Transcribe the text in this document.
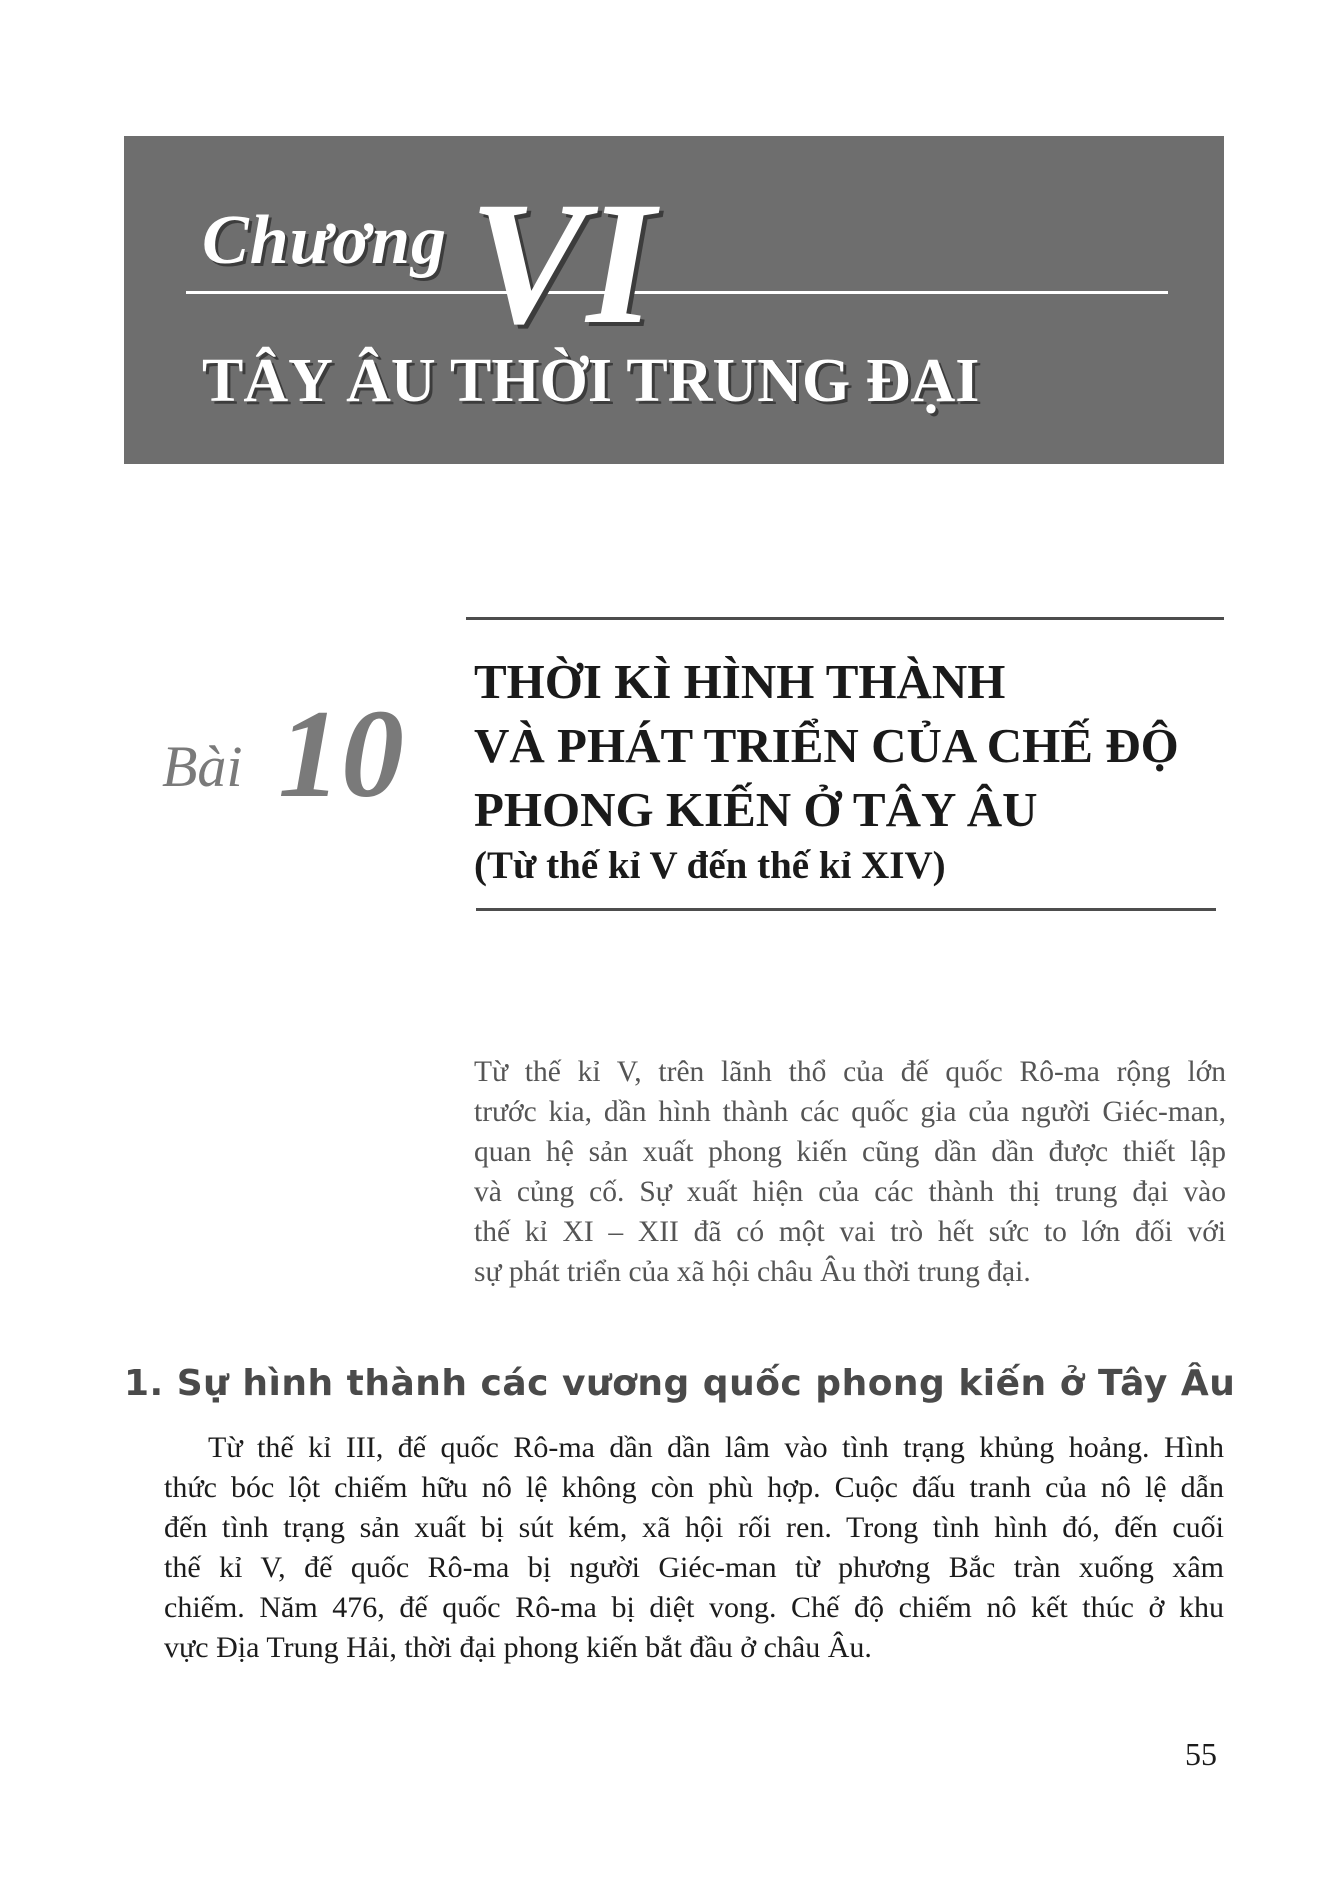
Chương VI
TÂY ÂU THỜI TRUNG ĐẠI
Bài 10
THỜI KÌ HÌNH THÀNH
VÀ PHÁT TRIỂN CỦA CHẾ ĐỘ
PHONG KIẾN Ở TÂY ÂU
(Từ thế kỉ V đến thế kỉ XIV)
Từ thế kỉ V, trên lãnh thổ của đế quốc Rô-ma rộng lớn
trước kia, dần hình thành các quốc gia của người Giéc-man,
quan hệ sản xuất phong kiến cũng dần dần được thiết lập
và củng cố. Sự xuất hiện của các thành thị trung đại vào
thế kỉ XI – XII đã có một vai trò hết sức to lớn đối với
sự phát triển của xã hội châu Âu thời trung đại.
1. Sự hình thành các vương quốc phong kiến ở Tây Âu
Từ thế kỉ III, đế quốc Rô-ma dần dần lâm vào tình trạng khủng hoảng. Hình
thức bóc lột chiếm hữu nô lệ không còn phù hợp. Cuộc đấu tranh của nô lệ dẫn
đến tình trạng sản xuất bị sút kém, xã hội rối ren. Trong tình hình đó, đến cuối
thế kỉ V, đế quốc Rô-ma bị người Giéc-man từ phương Bắc tràn xuống xâm
chiếm. Năm 476, đế quốc Rô-ma bị diệt vong. Chế độ chiếm nô kết thúc ở khu
vực Địa Trung Hải, thời đại phong kiến bắt đầu ở châu Âu.
55
